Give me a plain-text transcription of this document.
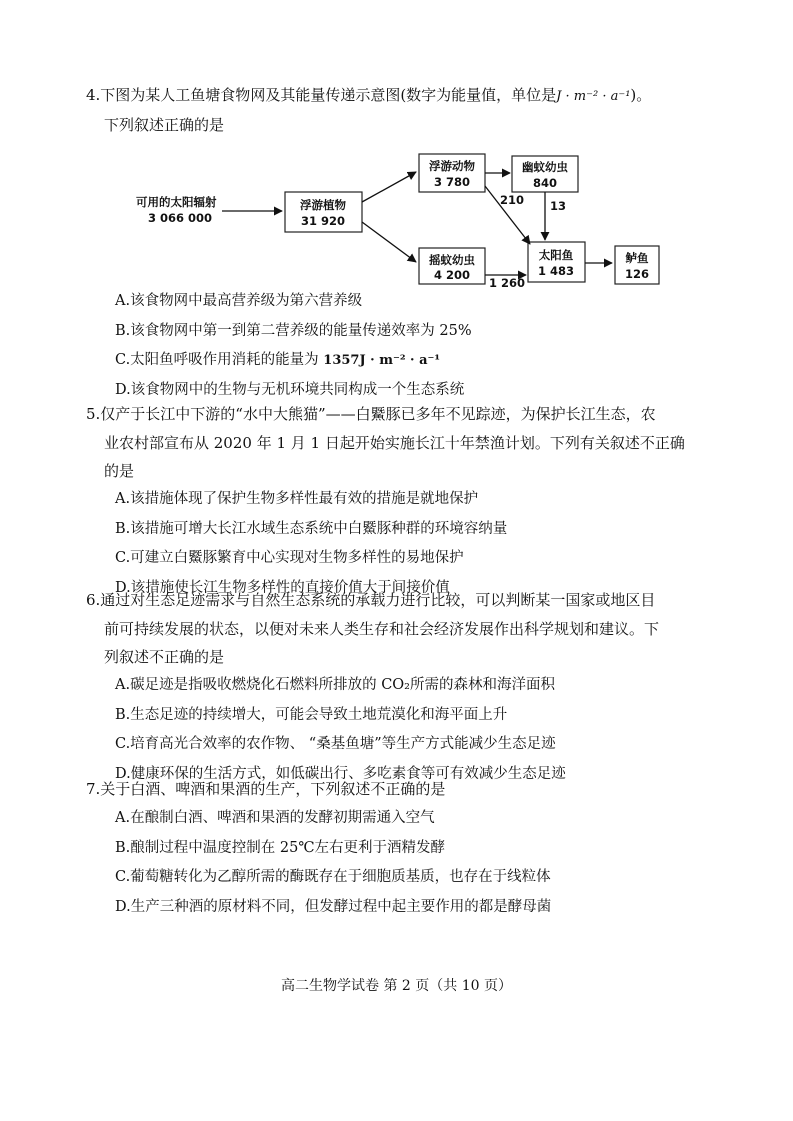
4.下图为某人工鱼塘食物网及其能量传递示意图(数字为能量值，单位是J · m⁻² · a⁻¹)。
下列叙述正确的是
可用的太阳辐射
3 066 000
浮游植物
31 920
浮游动物
3 780
摇蚊幼虫
4 200
幽蚊幼虫
840
太阳鱼
1 483
210 13
1 260
鲈鱼
126
A.该食物网中最高营养级为第六营养级
B.该食物网中第一到第二营养级的能量传递效率为 25%
C.太阳鱼呼吸作用消耗的能量为 1357J · m⁻² · a⁻¹
D.该食物网中的生物与无机环境共同构成一个生态系统
5.仅产于长江中下游的“水中大熊猫”——白鱀豚已多年不见踪迹，为保护长江生态，农
业农村部宣布从 2020 年 1 月 1 日起开始实施长江十年禁渔计划。下列有关叙述不正确
的是
A.该措施体现了保护生物多样性最有效的措施是就地保护
B.该措施可增大长江水域生态系统中白鱀豚种群的环境容纳量
C.可建立白鱀豚繁育中心实现对生物多样性的易地保护
D.该措施使长江生物多样性的直接价值大于间接价值
6.通过对生态足迹需求与自然生态系统的承载力进行比较，可以判断某一国家或地区目
前可持续发展的状态，以便对未来人类生存和社会经济发展作出科学规划和建议。下
列叙述不正确的是
A.碳足迹是指吸收燃烧化石燃料所排放的 CO₂所需的森林和海洋面积
B.生态足迹的持续增大，可能会导致土地荒漠化和海平面上升
C.培育高光合效率的农作物、 “桑基鱼塘”等生产方式能减少生态足迹
D.健康环保的生活方式，如低碳出行、多吃素食等可有效减少生态足迹
7.关于白酒、啤酒和果酒的生产，下列叙述不正确的是
A.在酿制白酒、啤酒和果酒的发酵初期需通入空气
B.酿制过程中温度控制在 25℃左右更利于酒精发酵
C.葡萄糖转化为乙醇所需的酶既存在于细胞质基质，也存在于线粒体
D.生产三种酒的原材料不同，但发酵过程中起主要作用的都是酵母菌
高二生物学试卷 第 2 页（共 10 页）
